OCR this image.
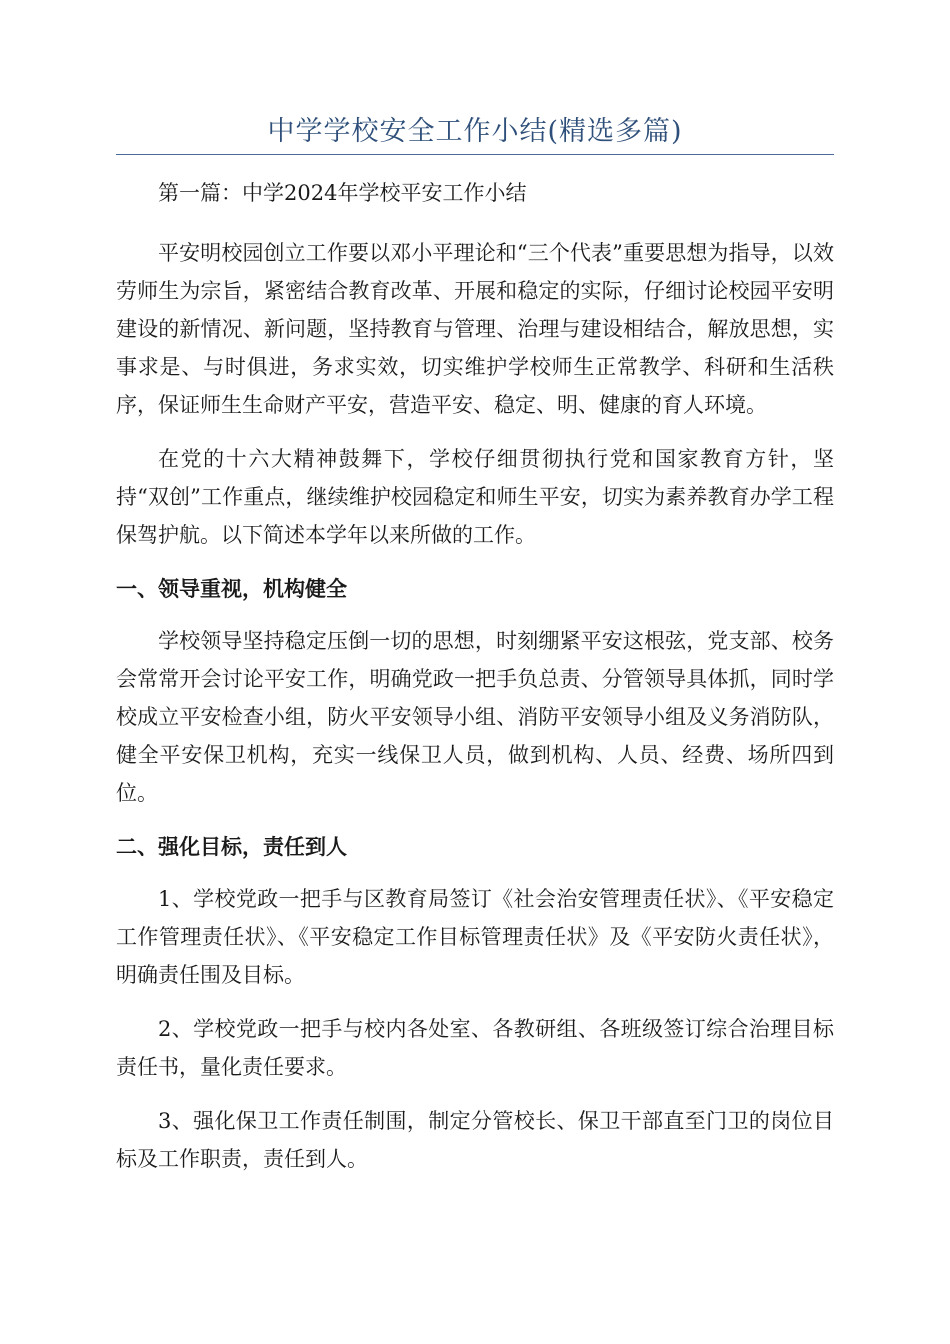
中学学校安全工作小结(精选多篇)

第一篇：中学2024年学校平安工作小结

平安明校园创立工作要以邓小平理论和“三个代表”重要思想为指导，以效劳师生为宗旨，紧密结合教育改革、开展和稳定的实际，仔细讨论校园平安明建设的新情况、新问题，坚持教育与管理、治理与建设相结合，解放思想，实事求是、与时俱进，务求实效，切实维护学校师生正常教学、科研和生活秩序，保证师生生命财产平安，营造平安、稳定、明、健康的育人环境。

在党的十六大精神鼓舞下，学校仔细贯彻执行党和国家教育方针，坚持“双创”工作重点，继续维护校园稳定和师生平安，切实为素养教育办学工程保驾护航。以下简述本学年以来所做的工作。

一、领导重视，机构健全

学校领导坚持稳定压倒一切的思想，时刻绷紧平安这根弦，党支部、校务会常常开会讨论平安工作，明确党政一把手负总责、分管领导具体抓，同时学校成立平安检查小组，防火平安领导小组、消防平安领导小组及义务消防队，健全平安保卫机构，充实一线保卫人员，做到机构、人员、经费、场所四到位。

二、强化目标，责任到人

1、学校党政一把手与区教育局签订《社会治安管理责任状》、《平安稳定工作管理责任状》、《平安稳定工作目标管理责任状》及《平安防火责任状》，明确责任围及目标。

2、学校党政一把手与校内各处室、各教研组、各班级签订综合治理目标责任书，量化责任要求。

3、强化保卫工作责任制围，制定分管校长、保卫干部直至门卫的岗位目标及工作职责，责任到人。
